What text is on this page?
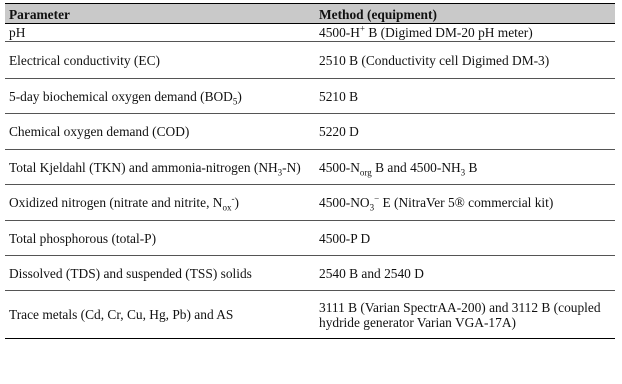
Parameter	Method (equipment)
pH	4500-H+ B (Digimed DM-20 pH meter)
Electrical conductivity (EC)	2510 B (Conductivity cell Digimed DM-3)
5-day biochemical oxygen demand $(BOD_5)$	5210 B
Chemical oxygen demand (COD)	5220 D
Total Kjeldahl (TKN) and ammonia-nitrogen $(NH_3-N)$	$4500-N_{org}$ B and $4500-NH_3$ B
Oxidized nitrogen (nitrate and nitrite, $N_{ox}^-$)	$4500-NO_3^-$ E (NitraVer 5® commercial kit)
Total phosphorous (total-P)	4500-P D
Dissolved (TDS) and suspended (TSS) solids	2540 B and 2540 D
Trace metals (Cd, Cr, Cu, Hg, Pb) and AS	3111 B (Varian SpectrAA-200) and 3112 B (coupled hydride generator Varian VGA-17A)
